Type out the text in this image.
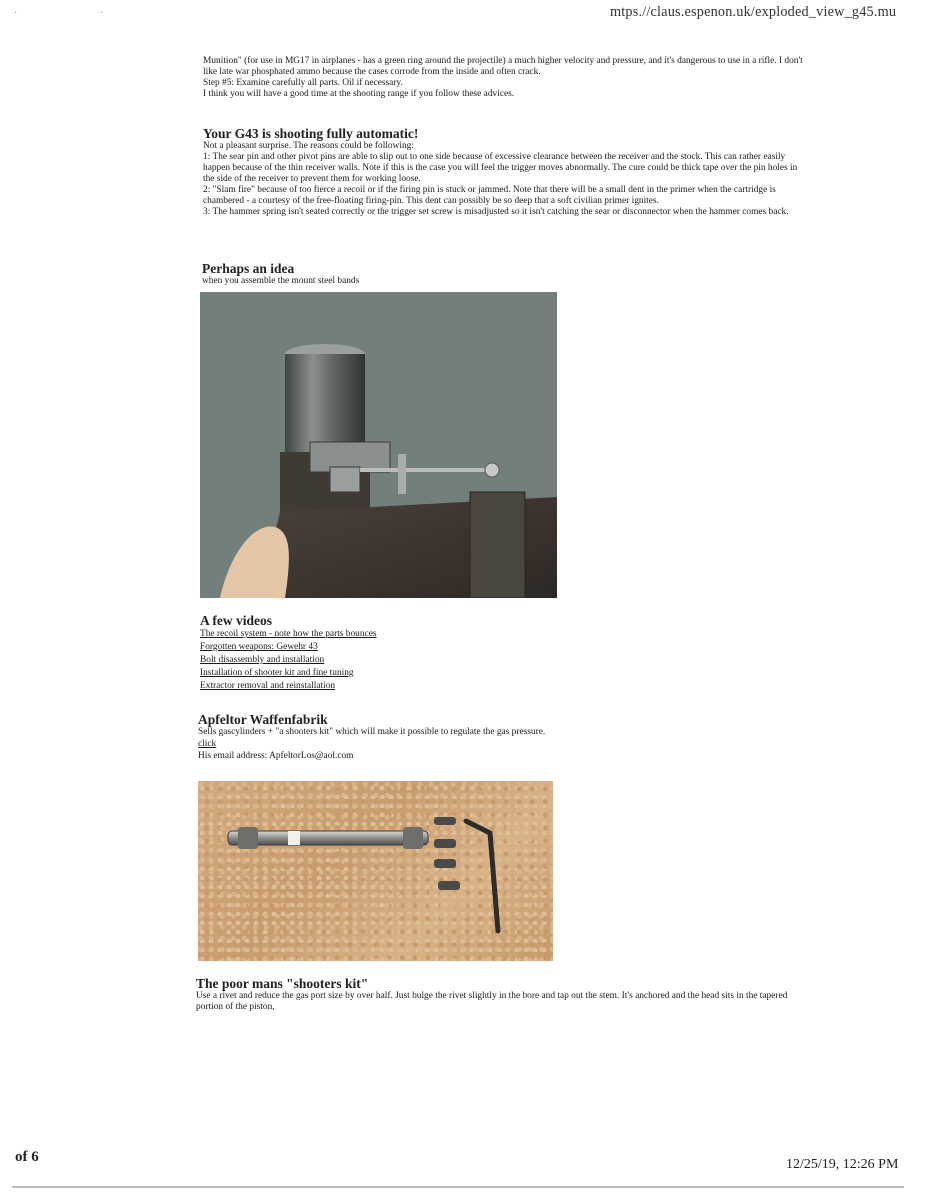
·                                 ·	mtps.//claus.espenon.uk/exploded_view_g45.mu
Munition" (for use in MG17 in airplanes - has a green ring around the projectile) a much higher velocity and pressure, and it's dangerous to use in a rifle. I don't like late war phosphated ammo because the cases corrode from the inside and often crack.
Step #5: Examine carefully all parts. Oil if necessary.
I think you will have a good time at the shooting range if you follow these advices.
Your G43 is shooting fully automatic!
Not a pleasant surprise. The reasons could be following:
1: The sear pin and other pivot pins are able to slip out to one side because of excessive clearance between the receiver and the stock. This can rather easily happen because of the thin receiver walls. Note if this is the case you will feel the trigger moves abnormally. The cure could be thick tape over the pin holes in the side of the receiver to prevent them for working loose.
2: "Slam fire" because of too fierce a recoil or if the firing pin is stuck or jammed. Note that there will be a small dent in the primer when the cartridge is chambered - a courtesy of the free-floating firing-pin. This dent can possibly be so deep that a soft civilian primer ignites.
3: The hammer spring isn't seated correctly or the trigger set screw is misadjusted so it isn't catching the sear or disconnector when the hammer comes back.
Perhaps an idea
when you assemble the mount steel bands
A few videos
The recoil system - note how the parts bounces
Forgotten weapons: Gewehr 43
Bolt disassembly and installation
Installation of shooter kit and fine tuning
Extractor removal and reinstallation
Apfeltor Waffenfabrik
Sells gascylinders + "a shooters kit" which will make it possible to regulate the gas pressure.
click
His email address: ApfeltorLos@aol.com
The poor mans "shooters kit"
Use a rivet and reduce the gas port size by over half. Just bulge the rivet slightly in the bore and tap out the stem. It's anchored and the head sits in the tapered portion of the piston,
of 6	12/25/19, 12:26 PM
